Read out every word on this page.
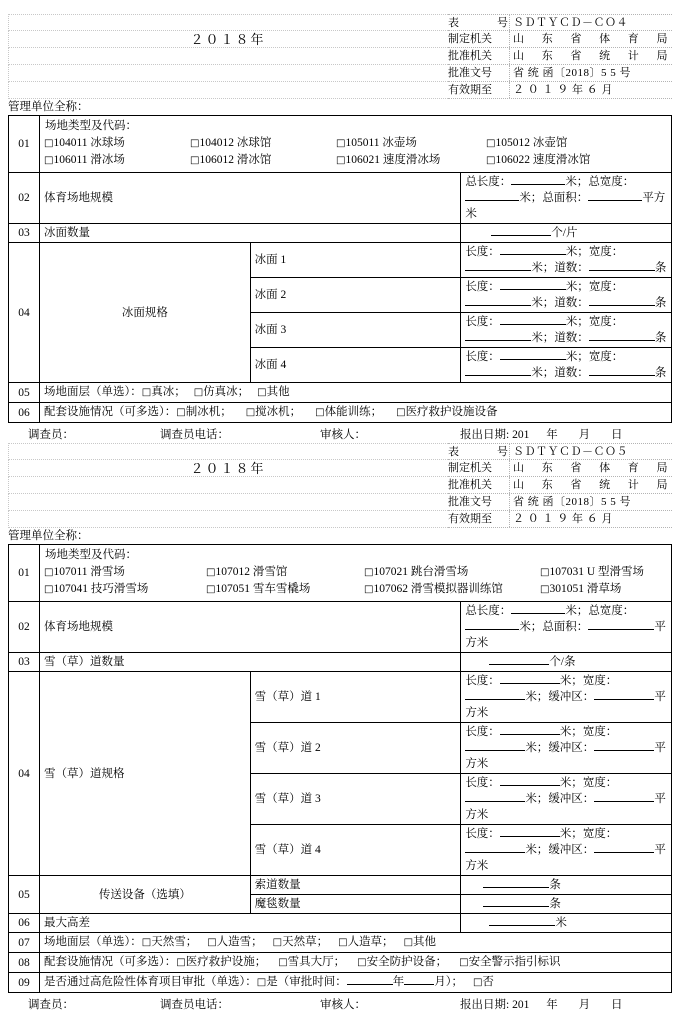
２０１８年
表 号 ＳＤＴＹＣＤ－ＣＯ４
制定机关	山 东 省 体 育 局
批准机关	山 东 省 统 计 局
批准文号	省 统 函〔2018〕5 5 号
有效期至	２ ０ １ ９ 年 ６ 月
管理单位全称：
01	
场地类型及代码：
□104011 冰球场	□104012 冰球馆	□105011 冰壶场	□105012 冰壶馆
□106011 滑冰场	□106012 滑冰馆	□106021 速度滑冰场	□106022 速度滑冰馆

02	体育场地规模		总长度： 米；总宽度：米；总面积： 平方米
03	冰面数量		个/片
04	冰面规格	冰面 1	长度： 米；宽度：米；道数： 条
		冰面 2	长度： 米；宽度：米；道数： 条
		冰面 3	长度： 米；宽度：米；道数： 条
		冰面 4	长度： 米；宽度：米；道数： 条
05	场地面层（单选）：□真冰； □仿真冰； □其他		
06	配套设施情况（可多选）：□制冰机； □搅冰机； □体能训练； □医疗救护设施设备		
调查员：	调查员电话：	审核人：	报出日期: 201 年 月 日
２０１８年
表 号 ＳＤＴＹＣＤ－ＣＯ５
制定机关	山 东 省 体 育 局
批准机关	山 东 省 统 计 局
批准文号	省 统 函〔2018〕5 5 号
有效期至	２ ０ １ ９ 年 ６ 月
管理单位全称：
01	
场地类型及代码：
□107011 滑雪场	□107012 滑雪馆	□107021 跳台滑雪场	□107031 U 型滑雪场
□107041 技巧滑雪场	□107051 雪车雪橇场	□107062 滑雪模拟器训练馆	□301051 滑草场

02	体育场地规模		总长度： 米；总宽度：米；总面积： 平方米
03	雪（草）道数量		个/条
04	雪（草）道规格	雪（草）道 1	长度： 米；宽度：米；缓冲区： 平方米
		雪（草）道 2	长度： 米；宽度：米；缓冲区： 平方米
		雪（草）道 3	长度： 米；宽度：米；缓冲区： 平方米
		雪（草）道 4	长度： 米；宽度：米；缓冲区： 平方米
05	传送设备（选填）	索道数量	条
		魔毯数量	条
06	最大高差		米
07	场地面层（单选）：□天然雪； □人造雪； □天然草； □人造草； □其他		
08	配套设施情况（可多选）：□医疗救护设施； □雪具大厅； □安全防护设备； □安全警示指引标识		
09	是否通过高危险性体育项目审批（单选）：□是（审批时间： 年 月）； □否		
调查员：	调查员电话：	审核人：	报出日期: 201 年 月 日
